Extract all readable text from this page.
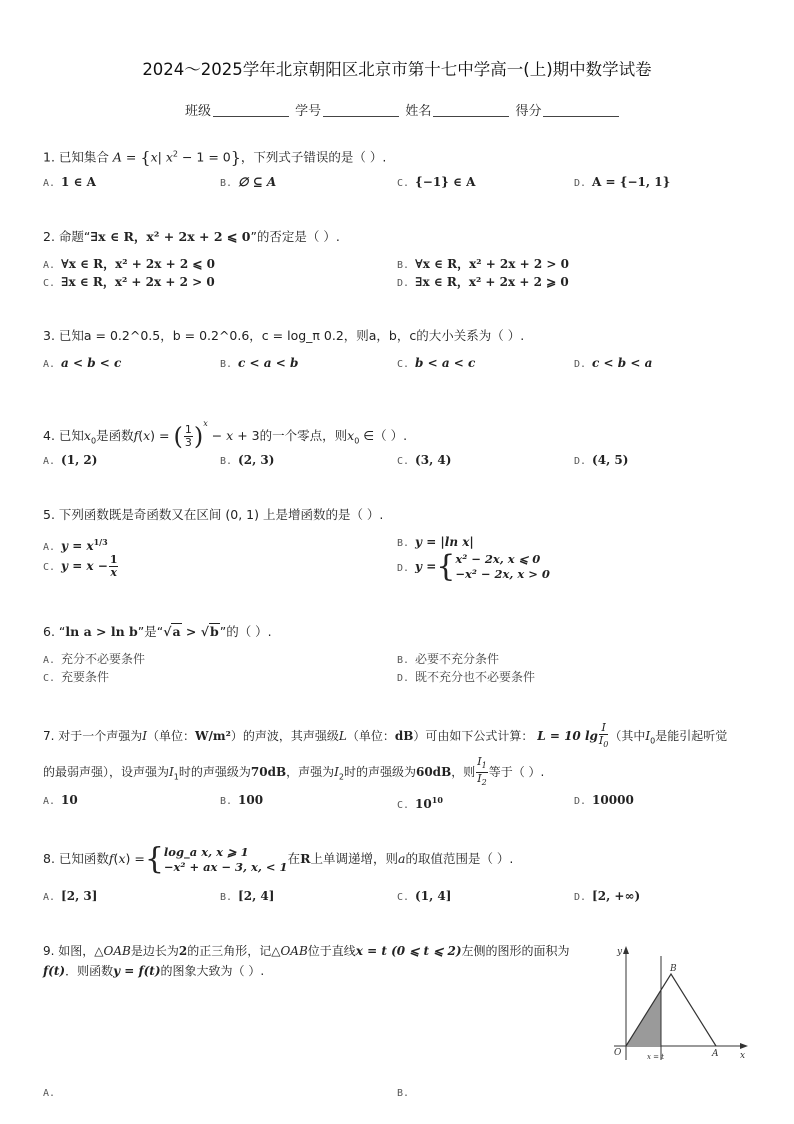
2024～2025学年北京朝阳区北京市第十七中学高一(上)期中数学试卷
班级	学号	姓名	得分
1. 已知集合 A = {x| $x^2 - 1 = 0$}，下列式子错误的是（ ）.
A. 1 ∈ A	B. ∅ ⊆ A	C. {−1} ∈ A	D. A = {−1, 1}
2. 命题“∃x ∈ R，x² + 2x + 2 ⩽ 0”的否定是（ ）.
A. ∀x ∈ R，x² + 2x + 2 ⩽ 0	B. ∀x ∈ R，x² + 2x + 2 > 0
C. ∃x ∈ R，x² + 2x + 2 > 0	D. ∃x ∈ R，x² + 2x + 2 ⩾ 0
3. 已知a = 0.2^0.5，b = 0.2^0.6，c = log_π 0.2，则a，b，c的大小关系为（ ）.
A. a < b < c	B. c < a < b	C. b < a < c	D. c < b < a
4. 已知$x_0$是函数f(x) = ( $\frac{1}{3} )^x - x + 3$的一个零点，则$x_0$ ∈（ ）.
A. (1, 2)	B. (2, 3)	C. (3, 4)	D. (4, 5)
5. 下列函数既是奇函数又在区间 (0, 1) 上是增函数的是（ ）.
A. $y = x^{1/3}$	B. y = |ln x|
C. $y = x - \frac{1}{x}$	D. y ={ x² − 2x, x ⩽ 0
−x² − 2x, x > 0
6. “ln a > ln b”是“√a > √b”的（ ）.
A. 充分不必要条件	B. 必要不充分条件
C. 充要条件	D. 既不充分也不必要条件
7. 对于一个声强为I（单位：W/m²）的声波，其声强级L（单位：dB）可由如下公式计算： L = 10 $\lg \frac{I}{I_0}$ （其中$I_0$是能引起听觉
的最弱声强），设声强为$I_1$时的声强级为70dB，声强为$I_2$时的声强级为60dB，则 $\frac{I_1}{I_2}$ 等于（ ）.
A. 10	B. 100	C. $10^{10}$	D. 10000
8. 已知函数f(x) ={ log_a x, x ⩾ 1
−x² + ax − 3, x, < 1
在R上单调递增，则a的取值范围是（ ）.
A. [2, 3]	B. [2, 4]	C. (1, 4]	D. [2, +∞)
9. 如图，△OAB是边长为2的正三角形，记△OAB位于直线x = t (0 ⩽ t ⩽ 2)左侧的图形的面积为
f(t)．则函数y = f(t)的图象大致为（ ）.
y
x
O	A
B
x = t
A.	B.
